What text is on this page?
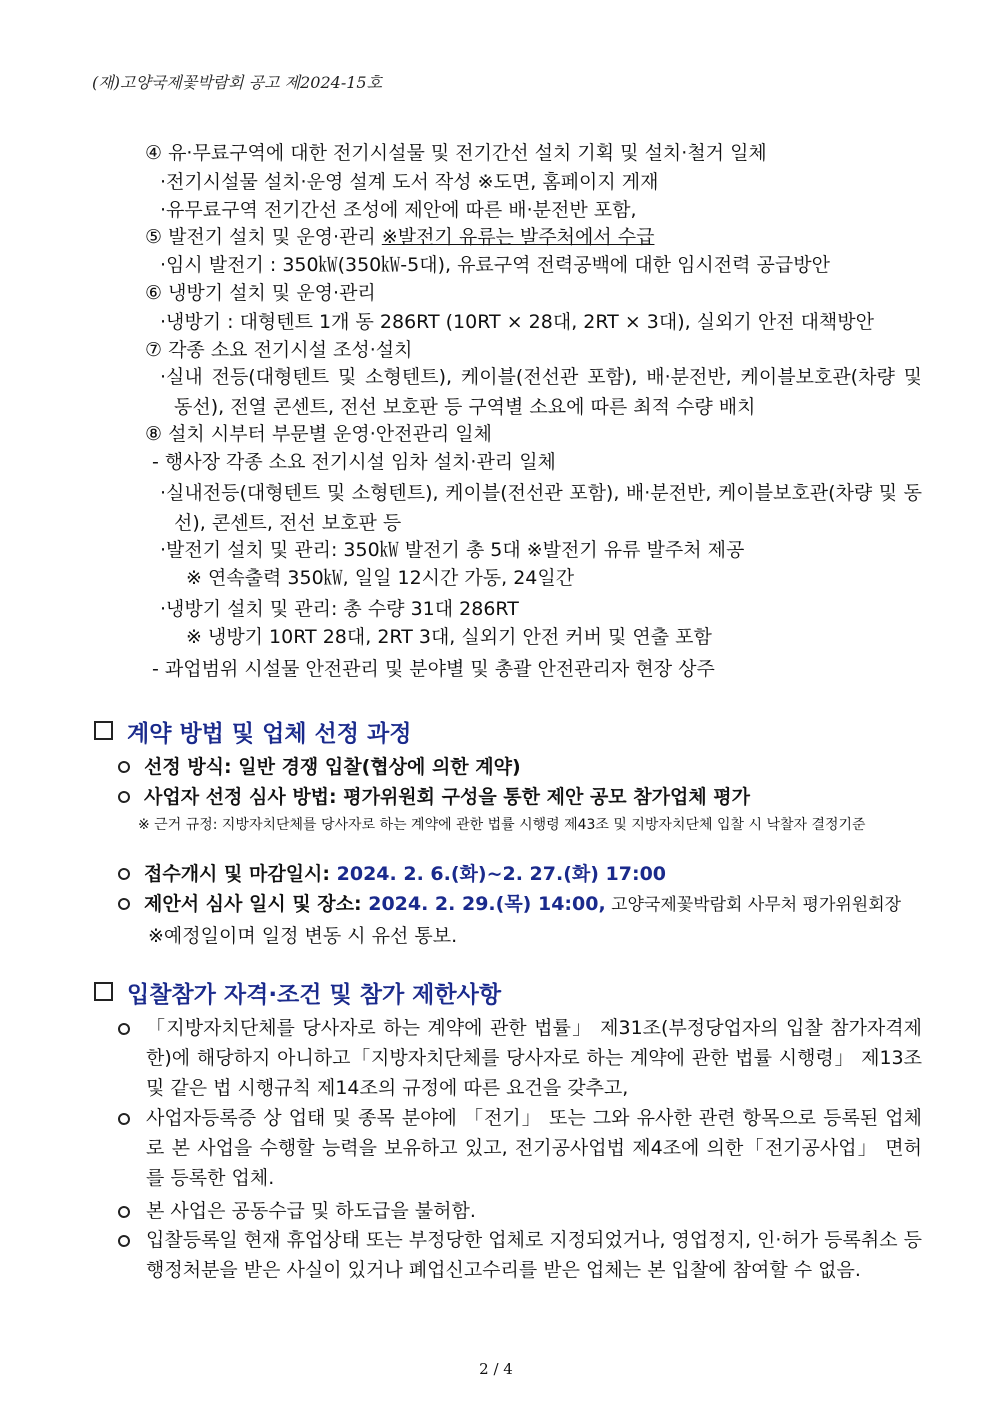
(재)고양국제꽃박람회 공고 제2024-15호
④ 유·무료구역에 대한 전기시설물 및 전기간선 설치 기획 및 설치·철거 일체
·전기시설물 설치·운영 설계 도서 작성 ※도면, 홈페이지 게재
·유무료구역 전기간선 조성에 제안에 따른 배·분전반 포함,
⑤ 발전기 설치 및 운영·관리 ※발전기 유류는 발주처에서 수급
·임시 발전기 : 350㎾(350㎾-5대), 유료구역 전력공백에 대한 임시전력 공급방안
⑥ 냉방기 설치 및 운영·관리
·냉방기 : 대형텐트 1개 동 286RT (10RT × 28대, 2RT × 3대), 실외기 안전 대책방안
⑦ 각종 소요 전기시설 조성·설치
·실내 전등(대형텐트 및 소형텐트), 케이블(전선관 포함), 배·분전반, 케이블보호관(차량 및 동선), 전열 콘센트, 전선 보호판 등 구역별 소요에 따른 최적 수량 배치
⑧ 설치 시부터 부문별 운영·안전관리 일체
- 행사장 각종 소요 전기시설 임차 설치·관리 일체
·실내전등(대형텐트 및 소형텐트), 케이블(전선관 포함), 배·분전반, 케이블보호관(차량 및 동선), 콘센트, 전선 보호판 등
·발전기 설치 및 관리: 350㎾ 발전기 총 5대 ※발전기 유류 발주처 제공
※ 연속출력 350㎾, 일일 12시간 가동, 24일간
·냉방기 설치 및 관리: 총 수량 31대 286RT
※ 냉방기 10RT 28대, 2RT 3대, 실외기 안전 커버 및 연출 포함
- 과업범위 시설물 안전관리 및 분야별 및 총괄 안전관리자 현장 상주
계약 방법 및 업체 선정 과정
선정 방식: 일반 경쟁 입찰(협상에 의한 계약)
사업자 선정 심사 방법: 평가위원회 구성을 통한 제안 공모 참가업체 평가
※ 근거 규정: 지방자치단체를 당사자로 하는 계약에 관한 법률 시행령 제43조 및 지방자치단체 입찰 시 낙찰자 결정기준
접수개시 및 마감일시: 2024. 2. 6.(화)~2. 27.(화) 17:00
제안서 심사 일시 및 장소: 2024. 2. 29.(목) 14:00, 고양국제꽃박람회 사무처 평가위원회장
※예정일이며 일정 변동 시 유선 통보.
입찰참가 자격·조건 및 참가 제한사항
「지방자치단체를 당사자로 하는 계약에 관한 법률」 제31조(부정당업자의 입찰 참가자격제한)에 해당하지 아니하고「지방자치단체를 당사자로 하는 계약에 관한 법률 시행령」 제13조 및 같은 법 시행규칙 제14조의 규정에 따른 요건을 갖추고,
사업자등록증 상 업태 및 종목 분야에 「전기」 또는 그와 유사한 관련 항목으로 등록된 업체로 본 사업을 수행할 능력을 보유하고 있고, 전기공사업법 제4조에 의한「전기공사업」 면허를 등록한 업체.
본 사업은 공동수급 및 하도급을 불허함.
입찰등록일 현재 휴업상태 또는 부정당한 업체로 지정되었거나, 영업정지, 인·허가 등록취소 등 행정처분을 받은 사실이 있거나 폐업신고수리를 받은 업체는 본 입찰에 참여할 수 없음.
2 / 4
